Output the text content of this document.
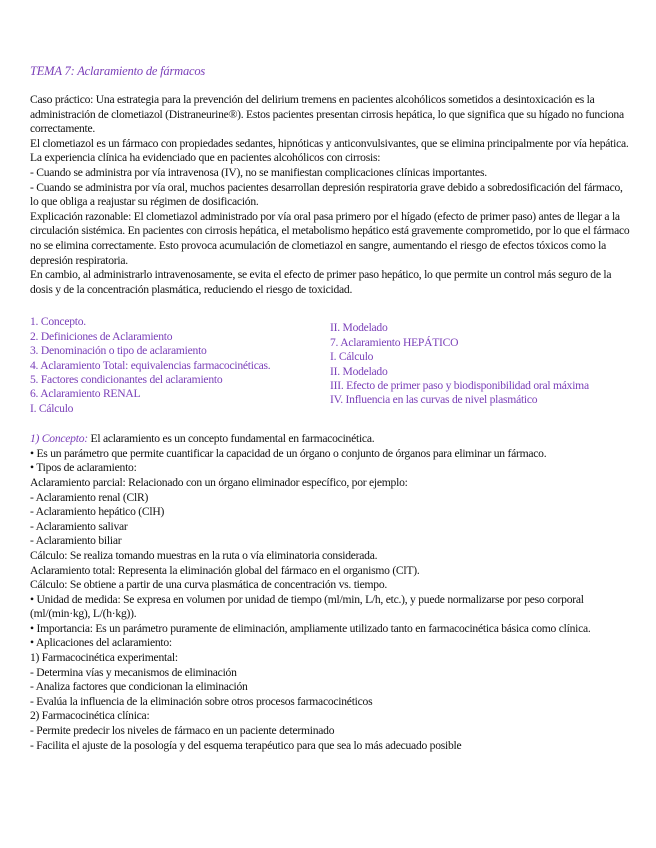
TEMA 7: Aclaramiento de fármacos

Caso práctico: Una estrategia para la prevención del delirium tremens en pacientes alcohólicos sometidos a desintoxicación es la administración de clometiazol (Distraneurine®). Estos pacientes presentan cirrosis hepática, lo que significa que su hígado no funciona correctamente.

El clometiazol es un fármaco con propiedades sedantes, hipnóticas y anticonvulsivantes, que se elimina principalmente por vía hepática.

La experiencia clínica ha evidenciado que en pacientes alcohólicos con cirrosis:

- Cuando se administra por vía intravenosa (IV), no se manifiestan complicaciones clínicas importantes.

- Cuando se administra por vía oral, muchos pacientes desarrollan depresión respiratoria grave debido a sobredosificación del fármaco, lo que obliga a reajustar su régimen de dosificación.

Explicación razonable: El clometiazol administrado por vía oral pasa primero por el hígado (efecto de primer paso) antes de llegar a la circulación sistémica. En pacientes con cirrosis hepática, el metabolismo hepático está gravemente comprometido, por lo que el fármaco no se elimina correctamente. Esto provoca acumulación de clometiazol en sangre, aumentando el riesgo de efectos tóxicos como la depresión respiratoria.

En cambio, al administrarlo intravenosamente, se evita el efecto de primer paso hepático, lo que permite un control más seguro de la dosis y de la concentración plasmática, reduciendo el riesgo de toxicidad.

1. Concepto.
2. Definiciones de Aclaramiento
3. Denominación o tipo de aclaramiento
4. Aclaramiento Total: equivalencias farmacocinéticas.
5. Factores condicionantes del aclaramiento
6. Aclaramiento RENAL
I. Cálculo
II. Modelado
7. Aclaramiento HEPÁTICO
I. Cálculo
II. Modelado
III. Efecto de primer paso y biodisponibilidad oral máxima
IV. Influencia en las curvas de nivel plasmático

1) Concepto: El aclaramiento es un concepto fundamental en farmacocinética.

• Es un parámetro que permite cuantificar la capacidad de un órgano o conjunto de órganos para eliminar un fármaco.

• Tipos de aclaramiento:

Aclaramiento parcial: Relacionado con un órgano eliminador específico, por ejemplo:

- Aclaramiento renal (ClR)

- Aclaramiento hepático (ClH)

- Aclaramiento salivar

- Aclaramiento biliar

Cálculo: Se realiza tomando muestras en la ruta o vía eliminatoria considerada.

Aclaramiento total: Representa la eliminación global del fármaco en el organismo (ClT).

Cálculo: Se obtiene a partir de una curva plasmática de concentración vs. tiempo.

• Unidad de medida: Se expresa en volumen por unidad de tiempo (ml/min, L/h, etc.), y puede normalizarse por peso corporal (ml/(min·kg), L/(h·kg)).

• Importancia: Es un parámetro puramente de eliminación, ampliamente utilizado tanto en farmacocinética básica como clínica.

• Aplicaciones del aclaramiento:

1) Farmacocinética experimental:

- Determina vías y mecanismos de eliminación

- Analiza factores que condicionan la eliminación

- Evalúa la influencia de la eliminación sobre otros procesos farmacocinéticos

2) Farmacocinética clínica:

- Permite predecir los niveles de fármaco en un paciente determinado

- Facilita el ajuste de la posología y del esquema terapéutico para que sea lo más adecuado posible
